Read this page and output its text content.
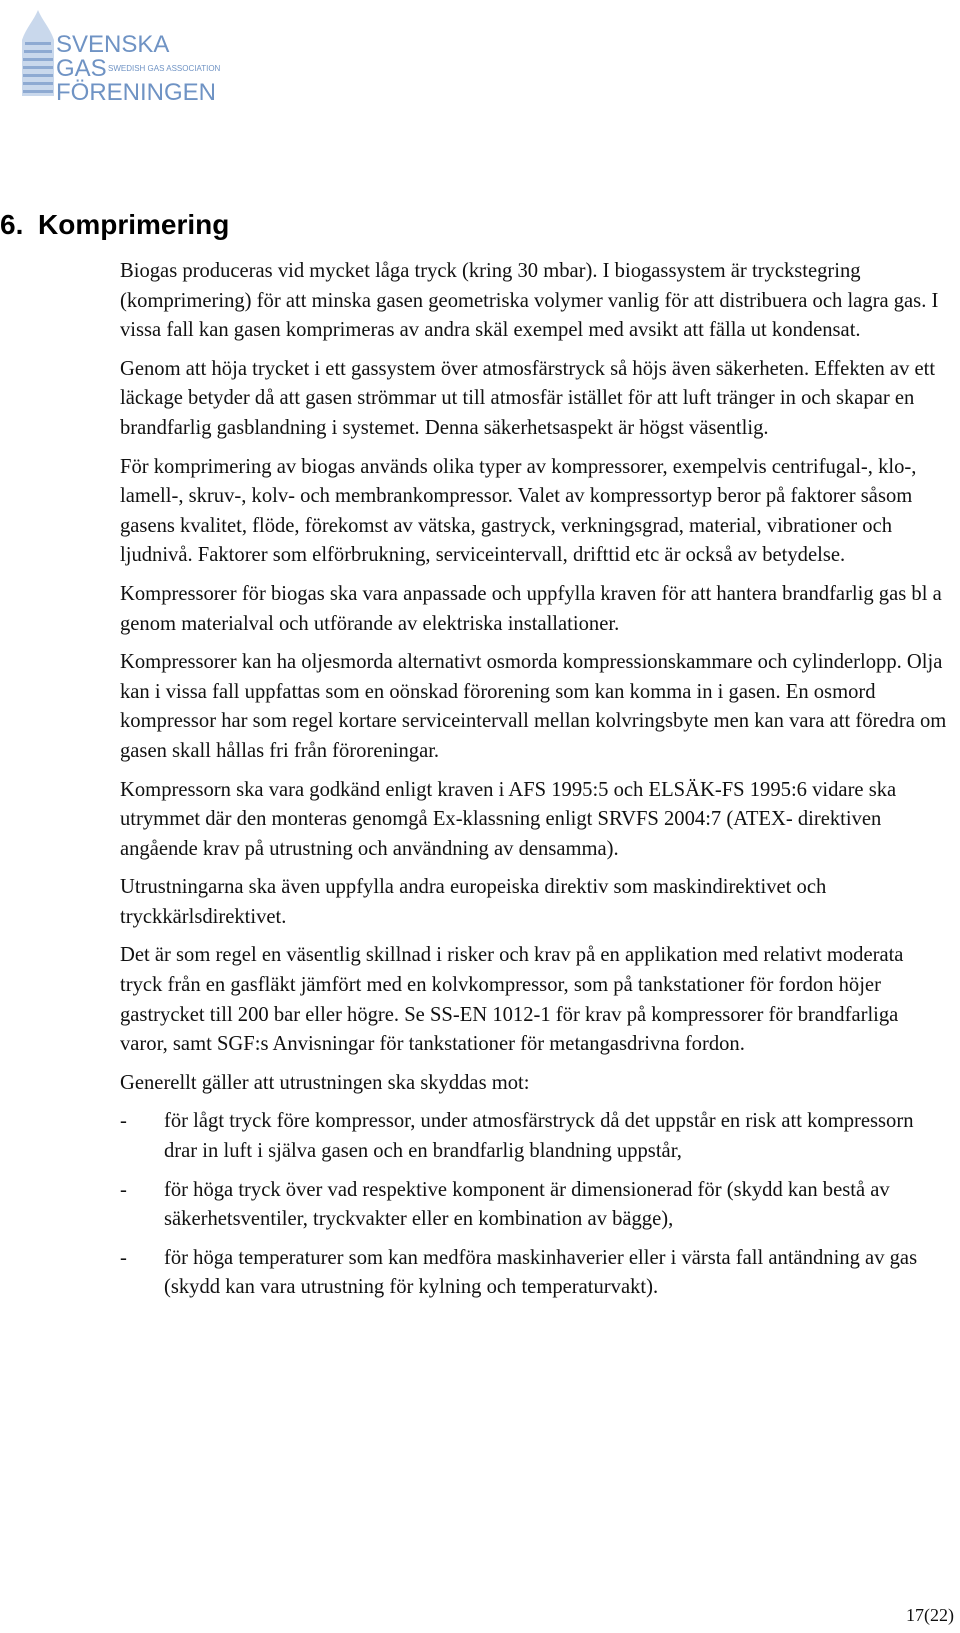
SVENSKA
GAS SWEDISH GAS ASSOCIATION
FÖRENINGEN
6. Komprimering

Biogas produceras vid mycket låga tryck (kring 30 mbar). I biogassystem är tryckstegring (komprimering) för att minska gasen geometriska volymer vanlig för att distribuera och lagra gas. I vissa fall kan gasen komprimeras av andra skäl exempel med avsikt att fälla ut kondensat.

Genom att höja trycket i ett gassystem över atmosfärstryck så höjs även säkerheten. Effekten av ett läckage betyder då att gasen strömmar ut till atmosfär istället för att luft tränger in och skapar en brandfarlig gasblandning i systemet. Denna säkerhetsaspekt är högst väsentlig.

För komprimering av biogas används olika typer av kompressorer, exempelvis centrifugal-, klo-, lamell-, skruv-, kolv- och membrankompressor. Valet av kompressortyp beror på faktorer såsom gasens kvalitet, flöde, förekomst av vätska, gastryck, verkningsgrad, material, vibrationer och ljudnivå. Faktorer som elförbrukning, serviceintervall, drifttid etc är också av betydelse.

Kompressorer för biogas ska vara anpassade och uppfylla kraven för att hantera brandfarlig gas bl a genom materialval och utförande av elektriska installationer.

Kompressorer kan ha oljesmorda alternativt osmorda kompressionskammare och cylinderlopp. Olja kan i vissa fall uppfattas som en oönskad förorening som kan komma in i gasen. En osmord kompressor har som regel kortare serviceintervall mellan kolvringsbyte men kan vara att föredra om gasen skall hållas fri från föroreningar.

Kompressorn ska vara godkänd enligt kraven i AFS 1995:5 och ELSÄK-FS 1995:6 vidare ska utrymmet där den monteras genomgå Ex-klassning enligt SRVFS 2004:7 (ATEX- direktiven angående krav på utrustning och användning av densamma).

Utrustningarna ska även uppfylla andra europeiska direktiv som maskindirektivet och tryckkärlsdirektivet.

Det är som regel en väsentlig skillnad i risker och krav på en applikation med relativt moderata tryck från en gasfläkt jämfört med en kolvkompressor, som på tankstationer för fordon höjer gastrycket till 200 bar eller högre. Se SS-EN 1012-1 för krav på kompressorer för brandfarliga varor, samt SGF:s Anvisningar för tankstationer för metangasdrivna fordon.

Generellt gäller att utrustningen ska skyddas mot:

- för lågt tryck före kompressor, under atmosfärstryck då det uppstår en risk att kompressorn drar in luft i själva gasen och en brandfarlig blandning uppstår,
- för höga tryck över vad respektive komponent är dimensionerad för (skydd kan bestå av säkerhetsventiler, tryckvakter eller en kombination av bägge),
- för höga temperaturer som kan medföra maskinhaverier eller i värsta fall antändning av gas (skydd kan vara utrustning för kylning och temperaturvakt).
17(22)
